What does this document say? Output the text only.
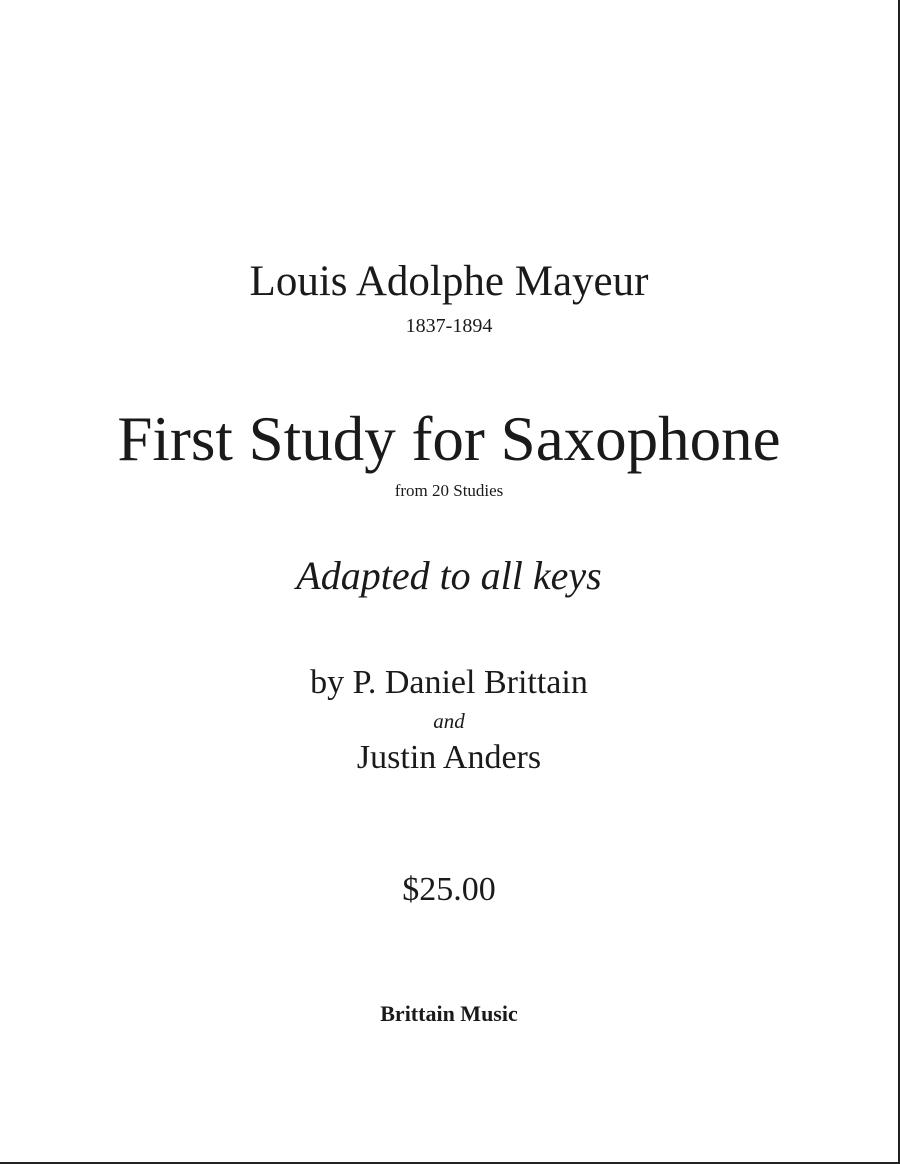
Louis Adolphe Mayeur
1837-1894
First Study for Saxophone
from 20 Studies
Adapted to all keys
by P. Daniel Brittain
and
Justin Anders
$25.00
Brittain Music
